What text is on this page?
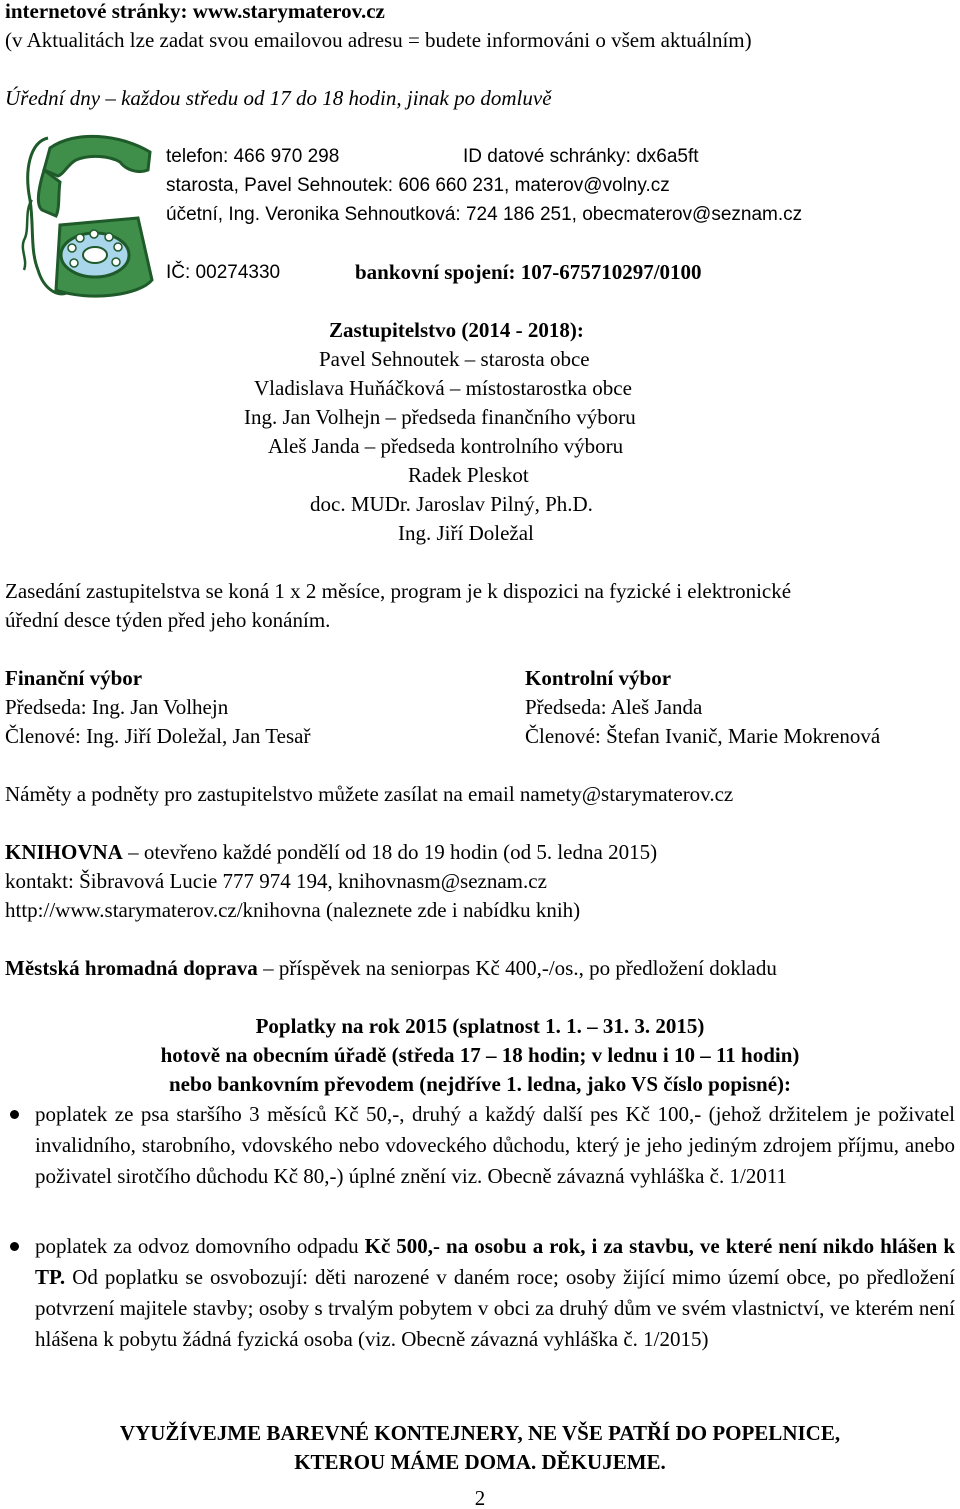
internetové stránky: www.starymaterov.cz
(v Aktualitách lze zadat svou emailovou adresu = budete informováni o všem aktuálním)
Úřední dny – každou středu od 17 do 18 hodin, jinak po domluvě
telefon: 466 970 298	ID datové schránky: dx6a5ft
starosta, Pavel Sehnoutek: 606 660 231, materov@volny.cz
účetní, Ing. Veronika Sehnoutková: 724 186 251, obecmaterov@seznam.cz
IČ: 00274330	bankovní spojení: 107-675710297/0100
Zastupitelstvo (2014 - 2018):
Pavel Sehnoutek – starosta obce
Vladislava Huňáčková – místostarostka obce
Ing. Jan Volhejn – předseda finančního výboru
Aleš Janda – předseda kontrolního výboru
Radek Pleskot
doc. MUDr. Jaroslav Pilný, Ph.D.
Ing. Jiří Doležal
Zasedání zastupitelstva se koná 1 x 2 měsíce, program je k dispozici na fyzické i elektronické
úřední desce týden před jeho konáním.
Finanční výbor
Předseda: Ing. Jan Volhejn
Členové: Ing. Jiří Doležal, Jan Tesař
Kontrolní výbor
Předseda: Aleš Janda
Členové: Štefan Ivanič, Marie Mokrenová
Náměty a podněty pro zastupitelstvo můžete zasílat na email namety@starymaterov.cz
KNIHOVNA – otevřeno každé pondělí od 18 do 19 hodin (od 5. ledna 2015)
kontakt: Šibravová Lucie 777 974 194, knihovnasm@seznam.cz
http://www.starymaterov.cz/knihovna (naleznete zde i nabídku knih)
Městská hromadná doprava – příspěvek na seniorpas Kč 400,-/os., po předložení dokladu
Poplatky na rok 2015 (splatnost 1. 1. – 31. 3. 2015)
hotově na obecním úřadě (středa 17 – 18 hodin; v lednu i 10 – 11 hodin)
nebo bankovním převodem (nejdříve 1. ledna, jako VS číslo popisné):
poplatek ze psa staršího 3 měsíců Kč 50,-, druhý a každý další pes Kč 100,- (jehož držitelem je poživatel invalidního, starobního, vdovského nebo vdoveckého důchodu, který je jeho jediným zdrojem příjmu, anebo poživatel sirotčího důchodu Kč 80,-) úplné znění viz. Obecně závazná vyhláška č. 1/2011
poplatek za odvoz domovního odpadu Kč 500,- na osobu a rok, i za stavbu, ve které není nikdo hlášen k TP. Od poplatku se osvobozují: děti narozené v daném roce; osoby žijící mimo území obce, po předložení potvrzení majitele stavby; osoby s trvalým pobytem v obci za druhý dům ve svém vlastnictví, ve kterém není hlášena k pobytu žádná fyzická osoba (viz. Obecně závazná vyhláška č. 1/2015)
VYUŽÍVEJME BAREVNÉ KONTEJNERY, NE VŠE PATŘÍ DO POPELNICE,
KTEROU MÁME DOMA. DĚKUJEME.
2
